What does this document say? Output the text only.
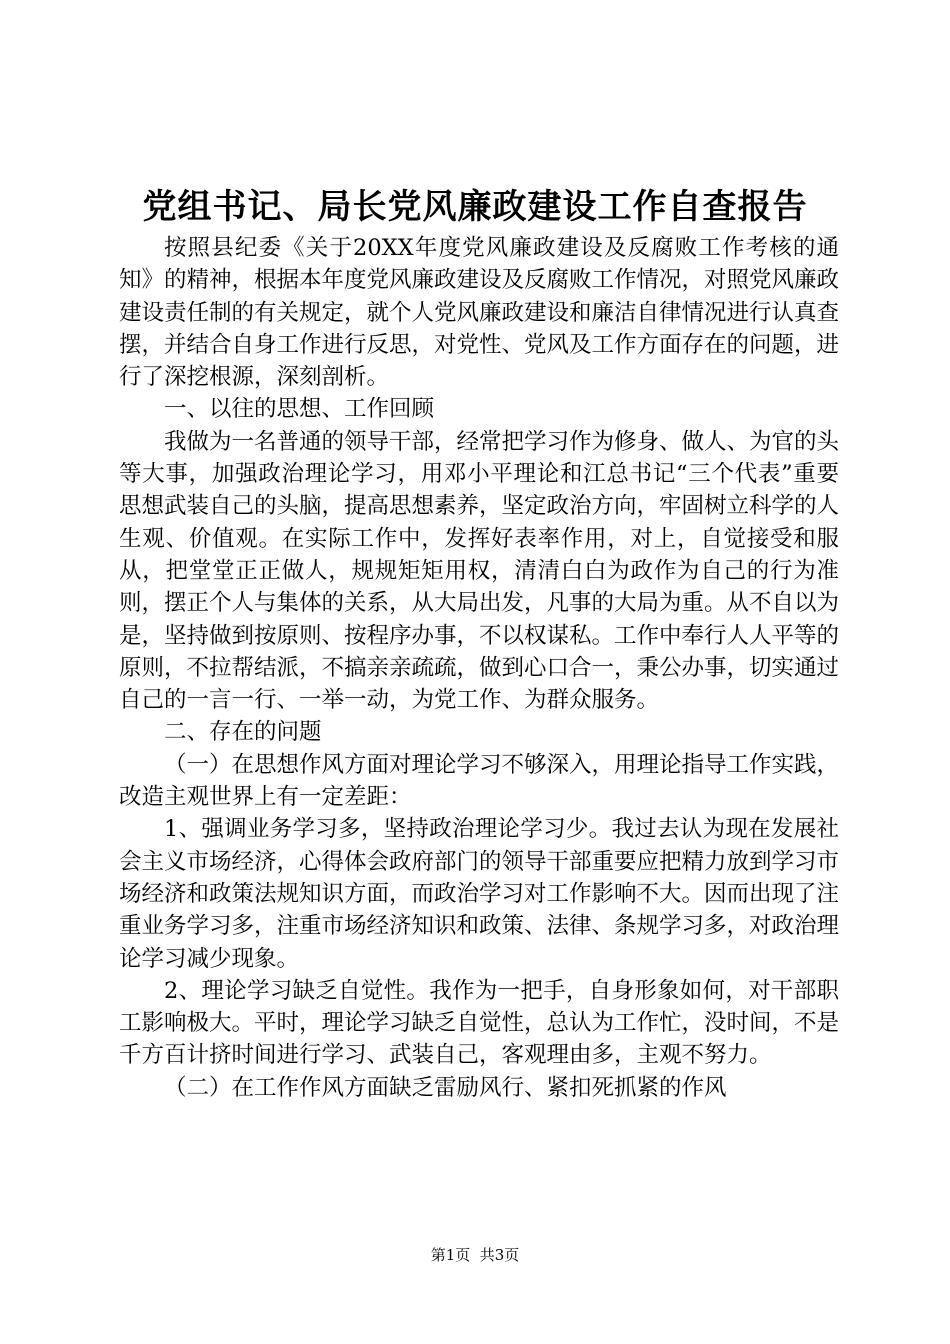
党组书记、局长党风廉政建设工作自查报告

按照县纪委《关于20XX年度党风廉政建设及反腐败工作考核的通知》的精神，根据本年度党风廉政建设及反腐败工作情况，对照党风廉政建设责任制的有关规定，就个人党风廉政建设和廉洁自律情况进行认真查摆，并结合自身工作进行反思，对党性、党风及工作方面存在的问题，进行了深挖根源，深刻剖析。

一、以往的思想、工作回顾

我做为一名普通的领导干部，经常把学习作为修身、做人、为官的头等大事，加强政治理论学习，用邓小平理论和江总书记“三个代表”重要思想武装自己的头脑，提高思想素养，坚定政治方向，牢固树立科学的人生观、价值观。在实际工作中，发挥好表率作用，对上，自觉接受和服从，把堂堂正正做人，规规矩矩用权，清清白白为政作为自己的行为准则，摆正个人与集体的关系，从大局出发，凡事的大局为重。从不自以为是，坚持做到按原则、按程序办事，不以权谋私。工作中奉行人人平等的原则，不拉帮结派，不搞亲亲疏疏，做到心口合一，秉公办事，切实通过自己的一言一行、一举一动，为党工作、为群众服务。

二、存在的问题

（一）在思想作风方面对理论学习不够深入，用理论指导工作实践，改造主观世界上有一定差距：

1、强调业务学习多，坚持政治理论学习少。我过去认为现在发展社会主义市场经济，心得体会政府部门的领导干部重要应把精力放到学习市场经济和政策法规知识方面，而政治学习对工作影响不大。因而出现了注重业务学习多，注重市场经济知识和政策、法律、条规学习多，对政治理论学习减少现象。

2、理论学习缺乏自觉性。我作为一把手，自身形象如何，对干部职工影响极大。平时，理论学习缺乏自觉性，总认为工作忙，没时间，不是千方百计挤时间进行学习、武装自己，客观理由多，主观不努力。

（二）在工作作风方面缺乏雷励风行、紧扣死抓紧的作风

第1页  共3页
